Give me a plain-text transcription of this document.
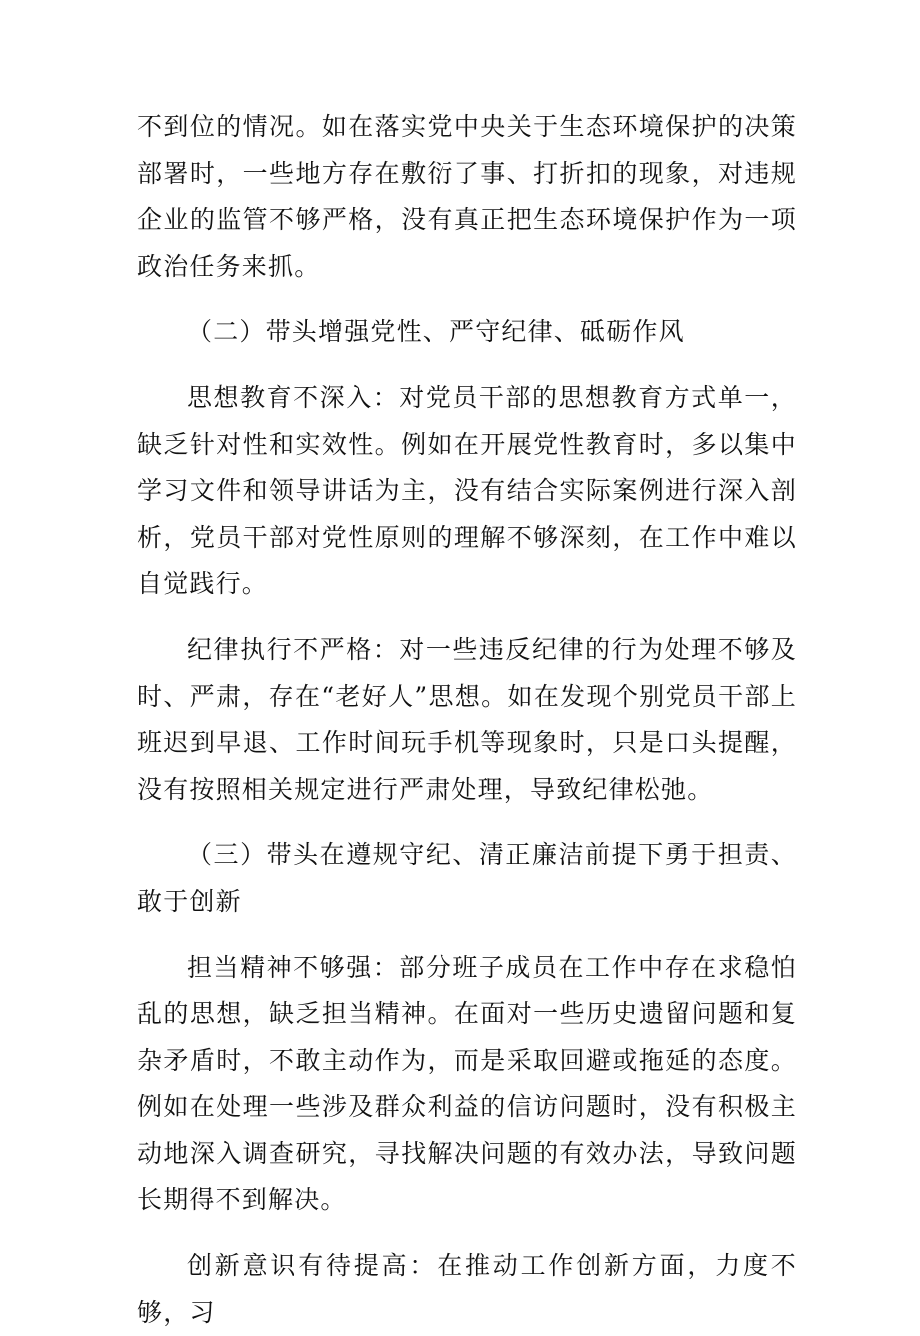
不到位的情况。如在落实党中央关于生态环境保护的决策部署时，一些地方存在敷衍了事、打折扣的现象，对违规企业的监管不够严格，没有真正把生态环境保护作为一项政治任务来抓。

（二）带头增强党性、严守纪律、砥砺作风

思想教育不深入：对党员干部的思想教育方式单一，缺乏针对性和实效性。例如在开展党性教育时，多以集中学习文件和领导讲话为主，没有结合实际案例进行深入剖析，党员干部对党性原则的理解不够深刻，在工作中难以自觉践行。

纪律执行不严格：对一些违反纪律的行为处理不够及时、严肃，存在“老好人”思想。如在发现个别党员干部上班迟到早退、工作时间玩手机等现象时，只是口头提醒，没有按照相关规定进行严肃处理，导致纪律松弛。

（三）带头在遵规守纪、清正廉洁前提下勇于担责、敢于创新

担当精神不够强：部分班子成员在工作中存在求稳怕乱的思想，缺乏担当精神。在面对一些历史遗留问题和复杂矛盾时，不敢主动作为，而是采取回避或拖延的态度。例如在处理一些涉及群众利益的信访问题时，没有积极主动地深入调查研究，寻找解决问题的有效办法，导致问题长期得不到解决。

创新意识有待提高：在推动工作创新方面，力度不够，习
